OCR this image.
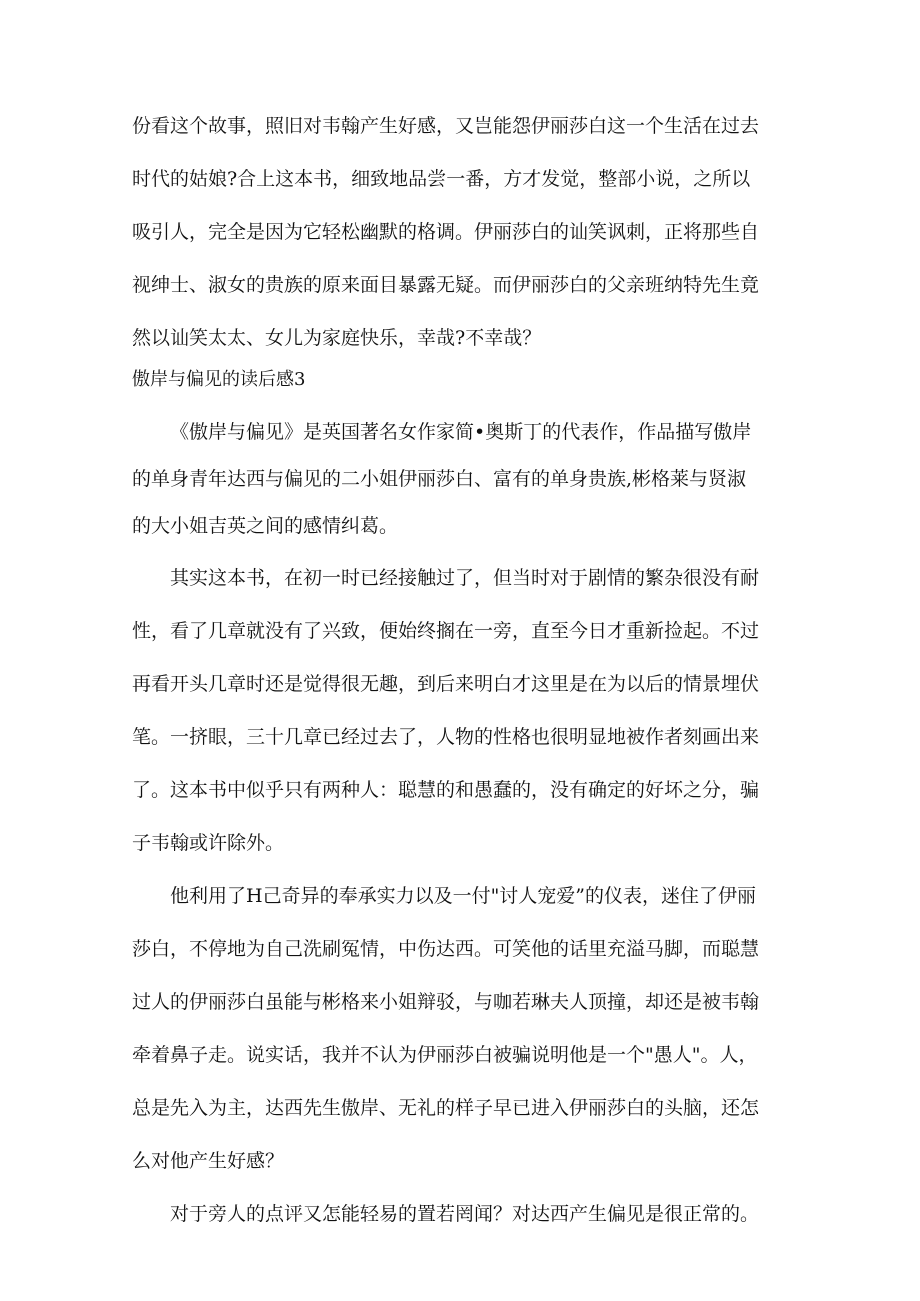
份看这个故事，照旧对韦翰产生好感，又岂能怨伊丽莎白这一个生活在过去
时代的姑娘?合上这本书，细致地品尝一番，方才发觉，整部小说，之所以
吸引人，完全是因为它轻松幽默的格调。伊丽莎白的讪笑讽刺，正将那些自
视绅士、淑女的贵族的原来面目暴露无疑。而伊丽莎白的父亲班纳特先生竟
然以讪笑太太、女儿为家庭快乐，幸哉?不幸哉？
傲岸与偏见的读后感3
《傲岸与偏见》是英国著名女作家简•奥斯丁的代表作，作品描写傲岸
的单身青年达西与偏见的二小姐伊丽莎白、富有的单身贵族,彬格莱与贤淑
的大小姐吉英之间的感情纠葛。
其实这本书，在初一时已经接触过了，但当时对于剧情的繁杂很没有耐
性，看了几章就没有了兴致，便始终搁在一旁，直至今日才重新捡起。不过
再看开头几章时还是觉得很无趣，到后来明白才这里是在为以后的情景埋伏
笔。一挤眼，三十几章已经过去了，人物的性格也很明显地被作者刻画出来
了。这本书中似乎只有两种人：聪慧的和愚蠢的，没有确定的好坏之分，骗
子韦翰或许除外。
他利用了H己奇异的奉承实力以及一付"讨人宠爱”的仪表，迷住了伊丽
莎白，不停地为自己洗刷冤情，中伤达西。可笑他的话里充溢马脚，而聪慧
过人的伊丽莎白虽能与彬格来小姐辩驳，与咖若琳夫人顶撞，却还是被韦翰
牵着鼻子走。说实话，我并不认为伊丽莎白被骗说明他是一个"愚人"。人，
总是先入为主，达西先生傲岸、无礼的样子早已进入伊丽莎白的头脑，还怎
么对他产生好感？
对于旁人的点评又怎能轻易的置若罔闻？对达西产生偏见是很正常的。
